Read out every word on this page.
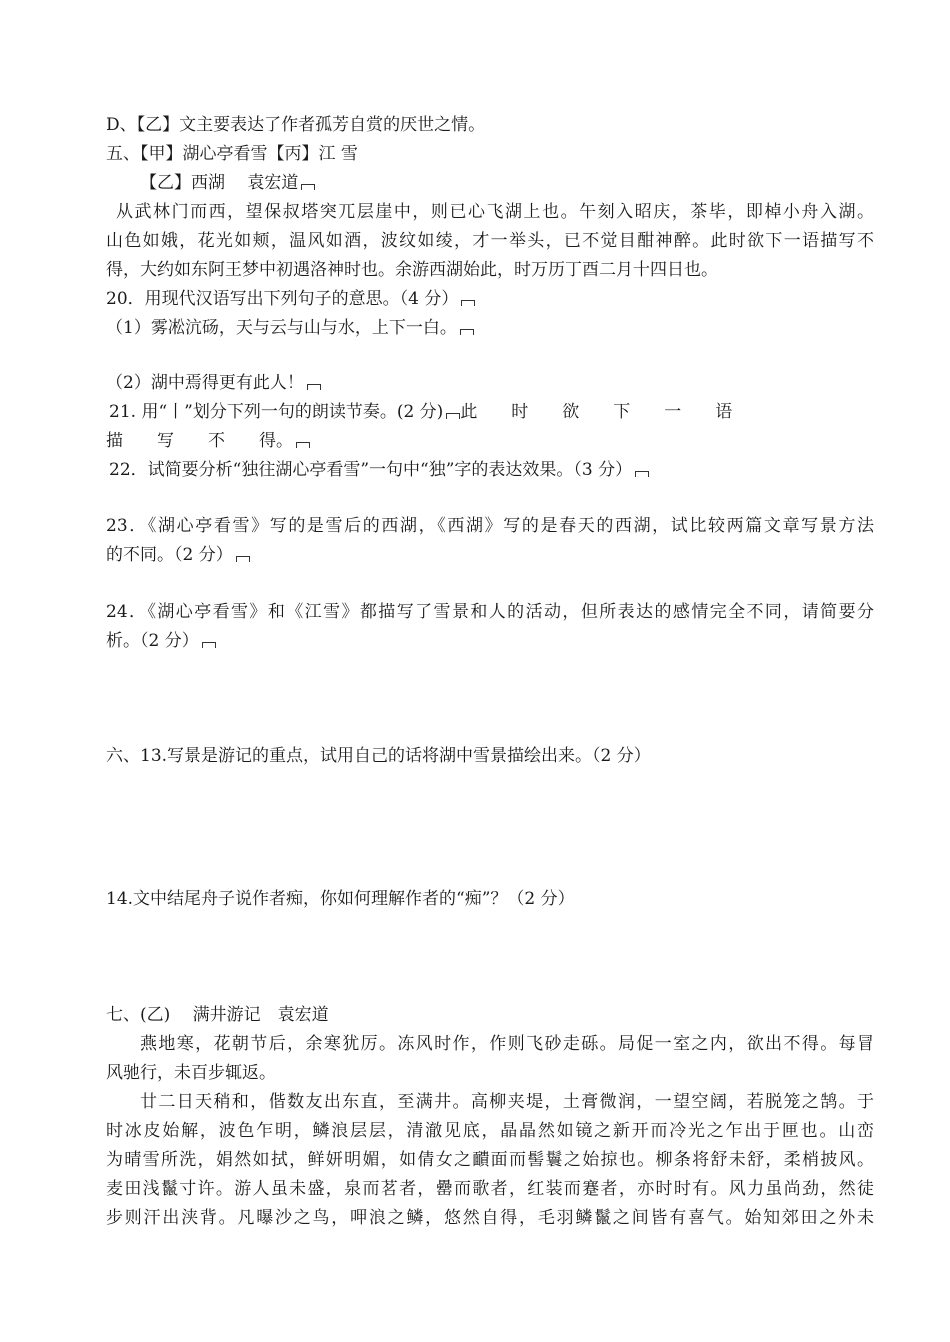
D、【乙】文主要表达了作者孤芳自赏的厌世之情。
五、【甲】湖心亭看雪【丙】江 雪
【乙】西湖　 袁宏道
从武林门而西，望保叔塔突兀层崖中，则已心飞湖上也。午刻入昭庆，茶毕，即棹小舟入湖。
山色如娥，花光如颊，温风如酒，波纹如绫，才一举头，已不觉目酣神醉。此时欲下一语描写不
得，大约如东阿王梦中初遇洛神时也。余游西湖始此，时万历丁酉二月十四日也。
20．用现代汉语写出下列句子的意思。（4 分）
（1）雾凇沆砀，天与云与山与水，上下一白。
（2）湖中焉得更有此人！
21. 用“丨”划分下列一句的朗读节奏。(2 分) 此　　时　　欲　　下　　一　　语
描　　写　　不　　得。
22．试简要分析“独往湖心亭看雪”一句中“独”字的表达效果。（3 分）
23．《湖心亭看雪》写的是雪后的西湖，《西湖》写的是春天的西湖，试比较两篇文章写景方法
的不同。（2 分）
24．《湖心亭看雪》和《江雪》都描写了雪景和人的活动，但所表达的感情完全不同，请简要分
析。（2 分）
六、13.写景是游记的重点，试用自己的话将湖中雪景描绘出来。（2 分）
14.文中结尾舟子说作者痴，你如何理解作者的“痴”？（2 分）
七、(乙)　 满井游记　袁宏道
燕地寒，花朝节后，余寒犹厉。冻风时作，作则飞砂走砾。局促一室之内，欲出不得。每冒
风驰行，未百步辄返。
廿二日天稍和，偕数友出东直，至满井。高柳夹堤，土膏微润，一望空阔，若脱笼之鹄。于
时冰皮始解，波色乍明，鳞浪层层，清澈见底，晶晶然如镜之新开而冷光之乍出于匣也。山峦
为晴雪所洗，娟然如拭，鲜妍明媚，如倩女之靧面而髻鬟之始掠也。柳条将舒未舒，柔梢披风。
麦田浅鬣寸许。游人虽未盛，泉而茗者，罍而歌者，红装而蹇者，亦时时有。风力虽尚劲，然徒
步则汗出浃背。凡曝沙之鸟，呷浪之鳞，悠然自得，毛羽鳞鬣之间皆有喜气。始知郊田之外未
